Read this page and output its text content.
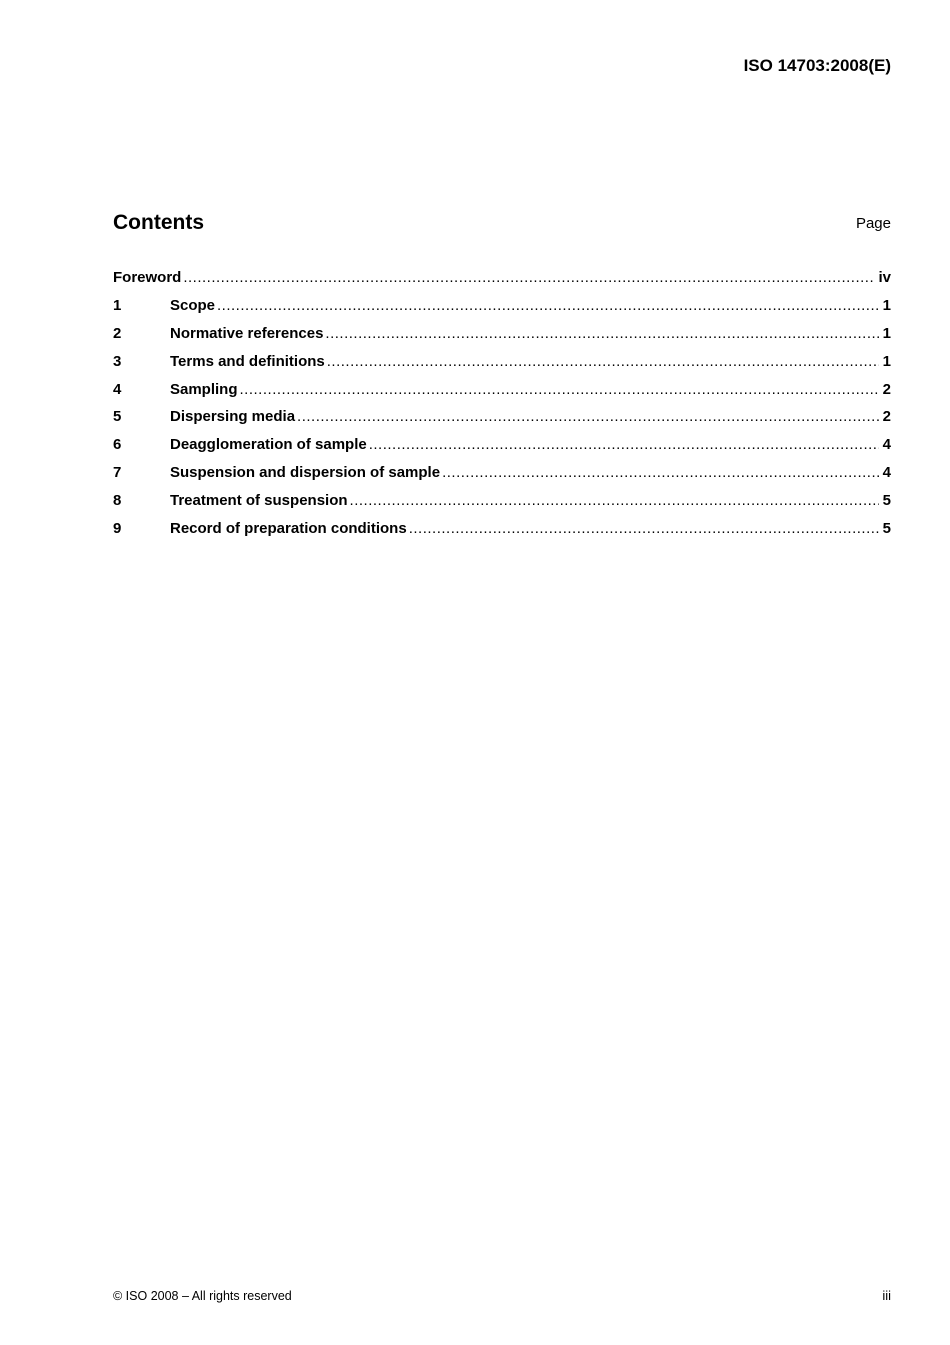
ISO 14703:2008(E)
Contents	Page
Foreword .....	iv
1	Scope .....	1
2	Normative references .....	1
3	Terms and definitions .....	1
4	Sampling .....	2
5	Dispersing media .....	2
6	Deagglomeration of sample .....	4
7	Suspension and dispersion of sample .....	4
8	Treatment of suspension .....	5
9	Record of preparation conditions .....	5
© ISO 2008 – All rights reserved	iii
